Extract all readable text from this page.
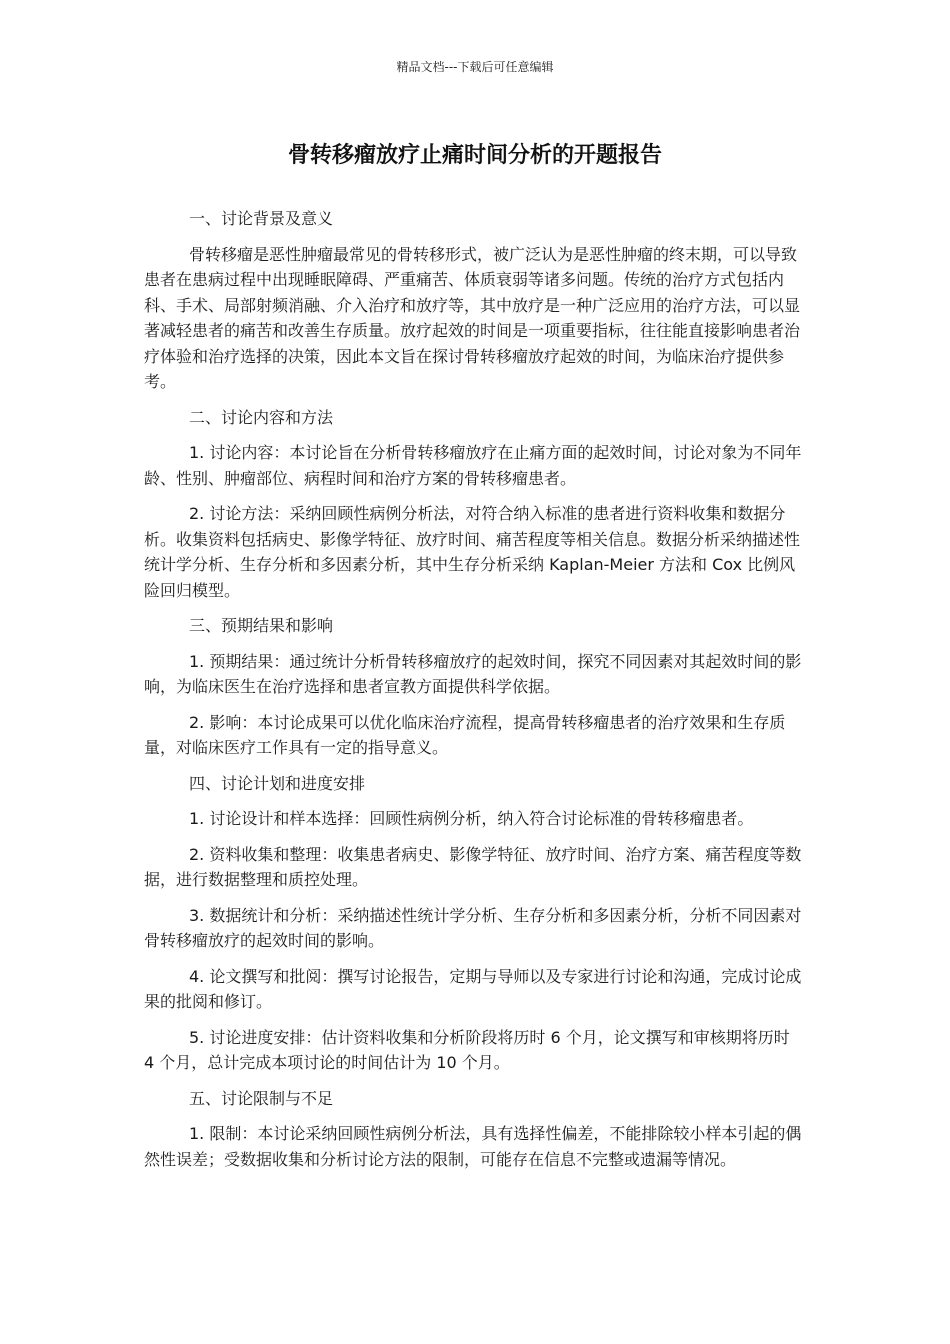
精品文档---下载后可任意编辑
骨转移瘤放疗止痛时间分析的开题报告

一、讨论背景及意义

骨转移瘤是恶性肿瘤最常见的骨转移形式，被广泛认为是恶性肿瘤的终末期，可以导致患者在患病过程中出现睡眠障碍、严重痛苦、体质衰弱等诸多问题。传统的治疗方式包括内科、手术、局部射频消融、介入治疗和放疗等，其中放疗是一种广泛应用的治疗方法，可以显著减轻患者的痛苦和改善生存质量。放疗起效的时间是一项重要指标，往往能直接影响患者治疗体验和治疗选择的决策，因此本文旨在探讨骨转移瘤放疗起效的时间，为临床治疗提供参考。

二、讨论内容和方法

1. 讨论内容：本讨论旨在分析骨转移瘤放疗在止痛方面的起效时间，讨论对象为不同年龄、性别、肿瘤部位、病程时间和治疗方案的骨转移瘤患者。

2. 讨论方法：采纳回顾性病例分析法，对符合纳入标准的患者进行资料收集和数据分析。收集资料包括病史、影像学特征、放疗时间、痛苦程度等相关信息。数据分析采纳描述性统计学分析、生存分析和多因素分析，其中生存分析采纳 Kaplan-Meier 方法和 Cox 比例风险回归模型。

三、预期结果和影响

1. 预期结果：通过统计分析骨转移瘤放疗的起效时间，探究不同因素对其起效时间的影响，为临床医生在治疗选择和患者宣教方面提供科学依据。

2. 影响：本讨论成果可以优化临床治疗流程，提高骨转移瘤患者的治疗效果和生存质量，对临床医疗工作具有一定的指导意义。

四、讨论计划和进度安排

1. 讨论设计和样本选择：回顾性病例分析，纳入符合讨论标准的骨转移瘤患者。

2. 资料收集和整理：收集患者病史、影像学特征、放疗时间、治疗方案、痛苦程度等数据，进行数据整理和质控处理。

3. 数据统计和分析：采纳描述性统计学分析、生存分析和多因素分析，分析不同因素对骨转移瘤放疗的起效时间的影响。

4. 论文撰写和批阅：撰写讨论报告，定期与导师以及专家进行讨论和沟通，完成讨论成果的批阅和修订。

5. 讨论进度安排：估计资料收集和分析阶段将历时 6 个月，论文撰写和审核期将历时 4 个月，总计完成本项讨论的时间估计为 10 个月。

五、讨论限制与不足

1. 限制：本讨论采纳回顾性病例分析法，具有选择性偏差，不能排除较小样本引起的偶然性误差；受数据收集和分析讨论方法的限制，可能存在信息不完整或遗漏等情况。
